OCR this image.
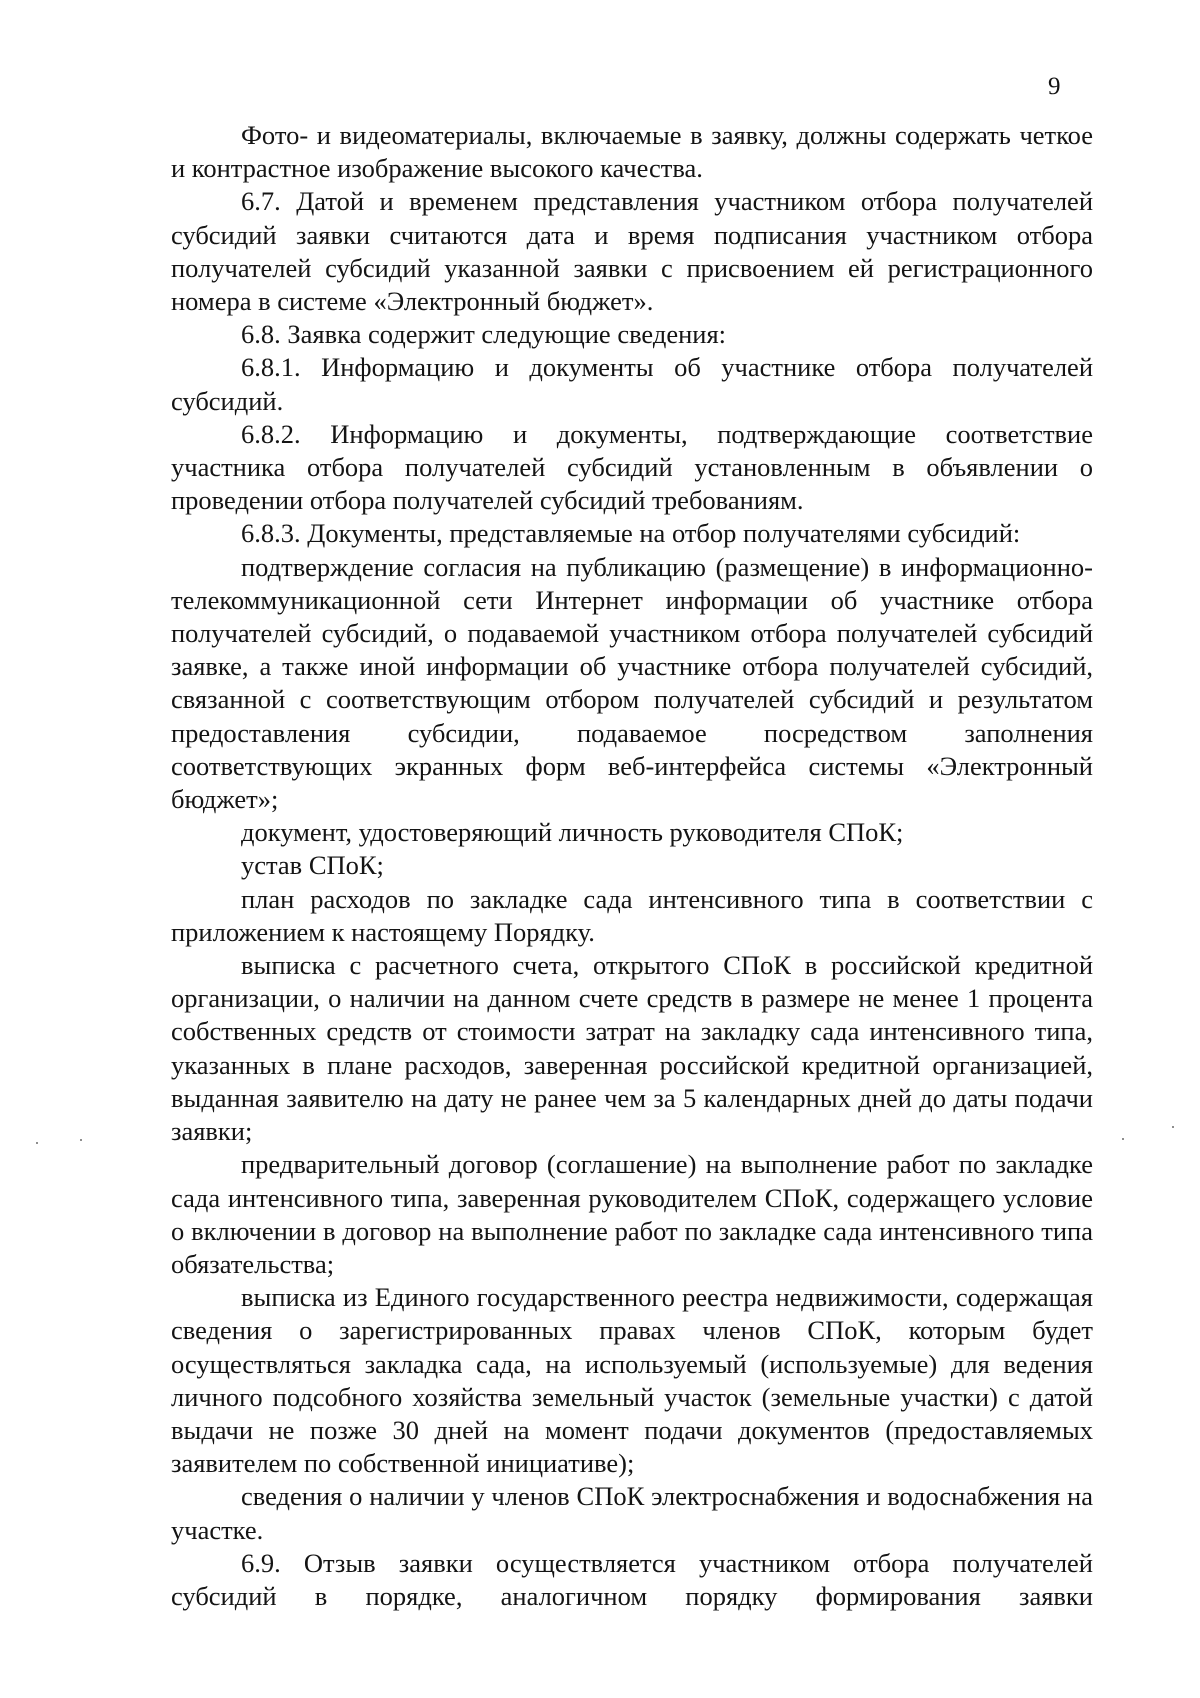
9

Фото- и видеоматериалы, включаемые в заявку, должны содержать четкое и контрастное изображение высокого качества.

6.7. Датой и временем представления участником отбора получателей субсидий заявки считаются дата и время подписания участником отбора получателей субсидий указанной заявки с присвоением ей регистрационного номера в системе «Электронный бюджет».

6.8. Заявка содержит следующие сведения:

6.8.1. Информацию и документы об участнике отбора получателей субсидий.

6.8.2. Информацию и документы, подтверждающие соответствие участника отбора получателей субсидий установленным в объявлении о проведении отбора получателей субсидий требованиям.

6.8.3. Документы, представляемые на отбор получателями субсидий:

подтверждение согласия на публикацию (размещение) в информационно-телекоммуникационной сети Интернет информации об участнике отбора получателей субсидий, о подаваемой участником отбора получателей субсидий заявке, а также иной информации об участнике отбора получателей субсидий, связанной с соответствующим отбором получателей субсидий и результатом предоставления субсидии, подаваемое посредством заполнения соответствующих экранных форм веб-интерфейса системы «Электронный бюджет»;

документ, удостоверяющий личность руководителя СПоК;

устав СПоК;

план расходов по закладке сада интенсивного типа в соответствии с приложением к настоящему Порядку.

выписка с расчетного счета, открытого СПоК в российской кредитной организации, о наличии на данном счете средств в размере не менее 1 процента собственных средств от стоимости затрат на закладку сада интенсивного типа, указанных в плане расходов, заверенная российской кредитной организацией, выданная заявителю на дату не ранее чем за 5 календарных дней до даты подачи заявки;

предварительный договор (соглашение) на выполнение работ по закладке сада интенсивного типа, заверенная руководителем СПоК, содержащего условие о включении в договор на выполнение работ по закладке сада интенсивного типа обязательства;

выписка из Единого государственного реестра недвижимости, содержащая сведения о зарегистрированных правах членов СПоК, которым будет осуществляться закладка сада, на используемый (используемые) для ведения личного подсобного хозяйства земельный участок (земельные участки) с датой выдачи не позже 30 дней на момент подачи документов (предоставляемых заявителем по собственной инициативе);

сведения о наличии у членов СПоК электроснабжения и водоснабжения на участке.

6.9. Отзыв заявки осуществляется участником отбора получателей субсидий в порядке, аналогичном порядку формирования заявки
